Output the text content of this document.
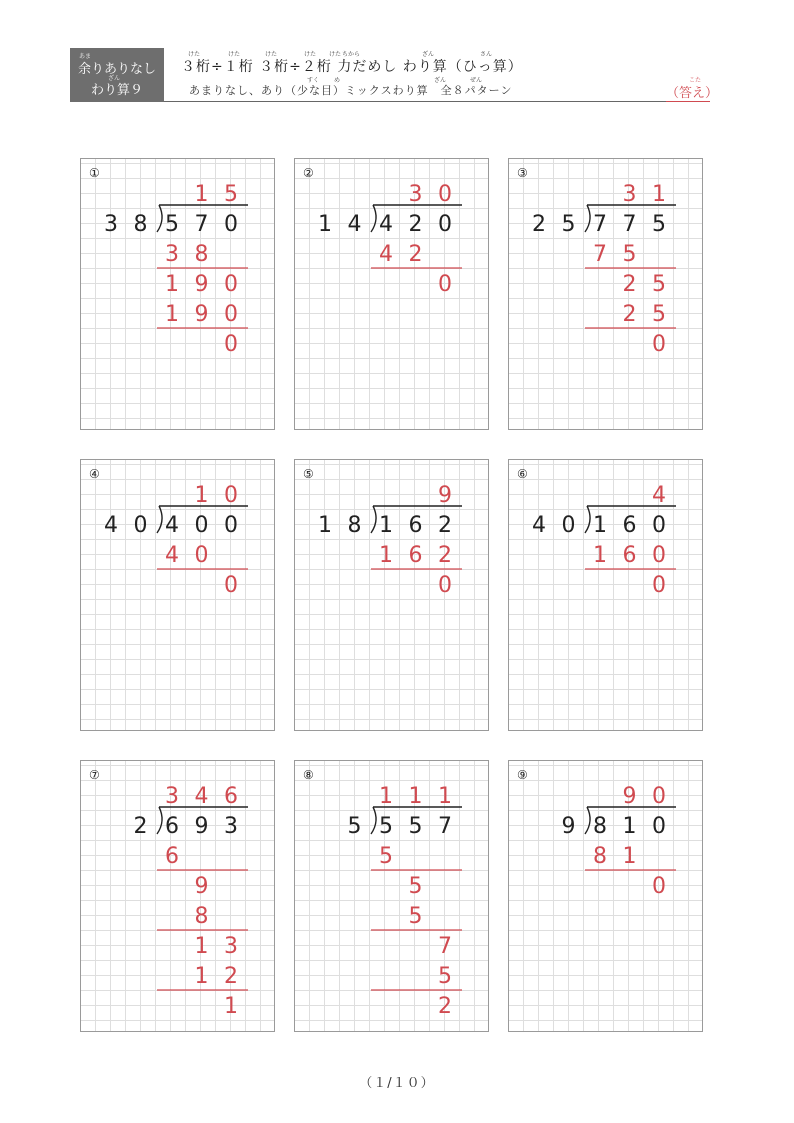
あま
余りありなし
ざん
わり算９
けた	けた	けた	けた けた ちから	ざん	さん
３桁÷１桁 ３桁÷２桁 力だめし わり算（ひっ算）
すく め	ざん	ぜん
あまりなし、あり（少な目）ミックスわり算　全８パターン
こた
（答え）
①
1 5
5 7 0
3 8
3 8
1 9 0
1 9 0
0
②
3 0
4 2 0
1 4
4 2
0
③
3 1
7 7 5
2 5
7 5
2 5
2 5
0
④
1 0
4 0 0
4 0
4 0
0
⑤
9
1 6 2
1 8
1 6 2
0
⑥
4
1 6 0
4 0
1 6 0
0
⑦
3 4 6
6 9 3
2
6
9
8
1 3
1 2
1
⑧
1 1 1
5 5 7
5
5
5
5
7
5
2
⑨
9 0
8 1 0
9
8 1
0
（１/１０）
